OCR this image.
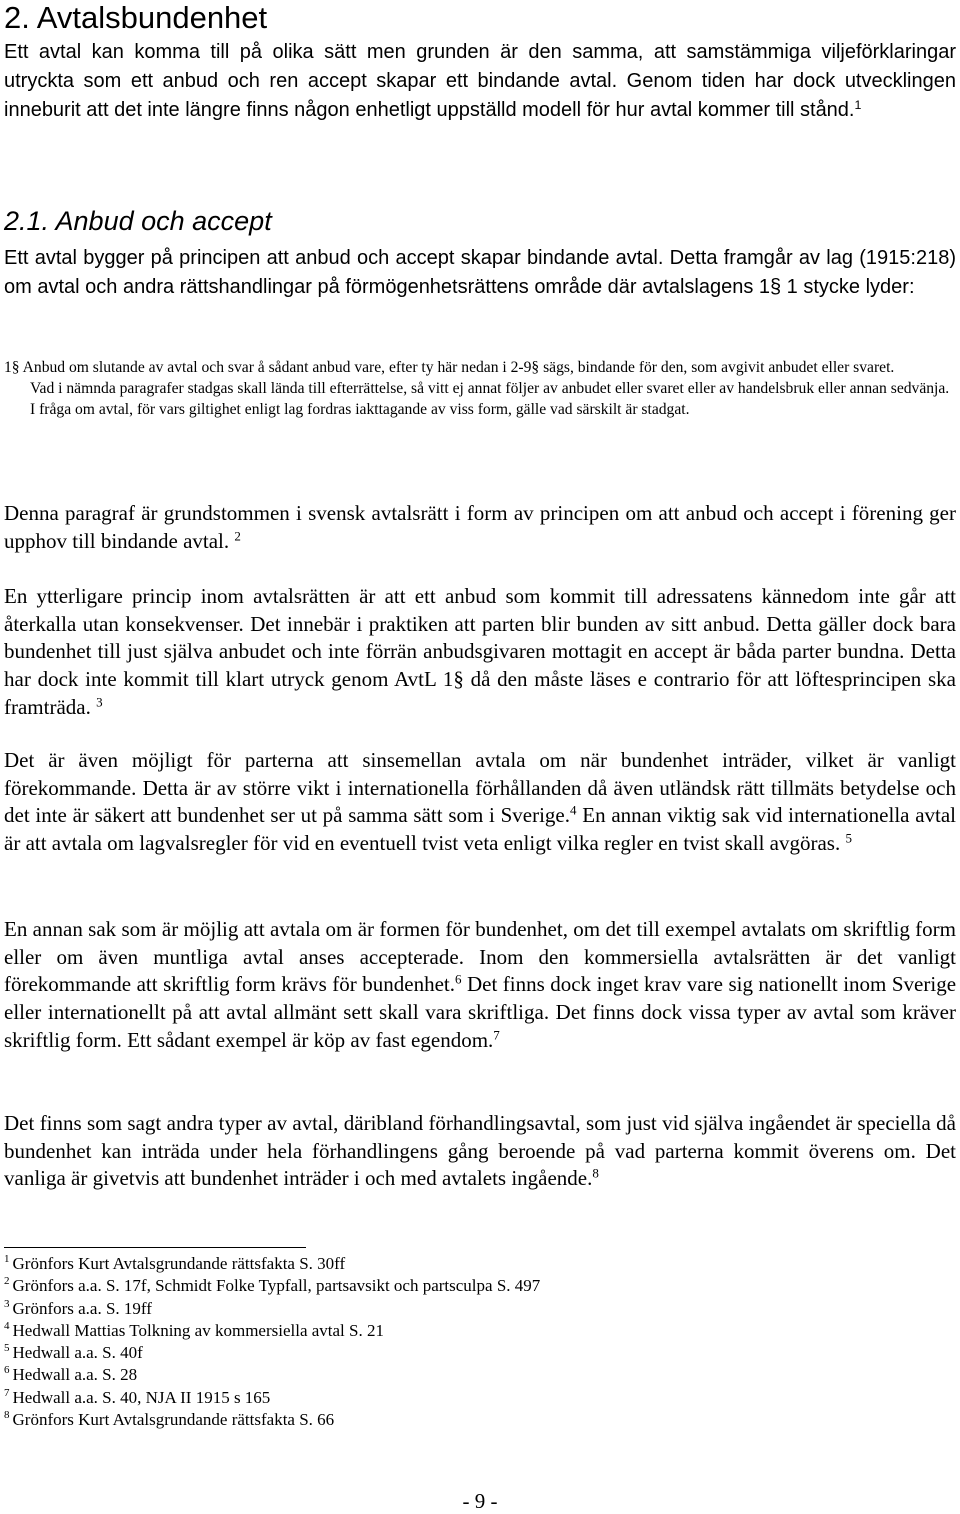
2. Avtalsbundenhet
Ett avtal kan komma till på olika sätt men grunden är den samma, att samstämmiga viljeförklaringar utryckta som ett anbud och ren accept skapar ett bindande avtal. Genom tiden har dock utvecklingen inneburit att det inte längre finns någon enhetligt uppställd modell för hur avtal kommer till stånd.$^1$
2.1. Anbud och accept
Ett avtal bygger på principen att anbud och accept skapar bindande avtal. Detta framgår av lag (1915:218) om avtal och andra rättshandlingar på förmögenhetsrättens område där avtalslagens 1§ 1 stycke lyder:
1§ Anbud om slutande av avtal och svar å sådant anbud vare, efter ty här nedan i 2-9§ sägs, bindande för den, som avgivit anbudet eller svaret.
Vad i nämnda paragrafer stadgas skall lända till efterrättelse, så vitt ej annat följer av anbudet eller svaret eller av handelsbruk eller annan sedvänja.
I fråga om avtal, för vars giltighet enligt lag fordras iakttagande av viss form, gälle vad särskilt är stadgat.
Denna paragraf är grundstommen i svensk avtalsrätt i form av principen om att anbud och accept i förening ger upphov till bindande avtal. $^2$
En ytterligare princip inom avtalsrätten är att ett anbud som kommit till adressatens kännedom inte går att återkalla utan konsekvenser. Det innebär i praktiken att parten blir bunden av sitt anbud. Detta gäller dock bara bundenhet till just själva anbudet och inte förrän anbudsgivaren mottagit en accept är båda parter bundna. Detta har dock inte kommit till klart utryck genom AvtL 1§ då den måste läses e contrario för att löftesprincipen ska framträda. $^3$
Det är även möjligt för parterna att sinsemellan avtala om när bundenhet inträder, vilket är vanligt förekommande. Detta är av större vikt i internationella förhållanden då även utländsk rätt tillmäts betydelse och det inte är säkert att bundenhet ser ut på samma sätt som i Sverige.$^4$ En annan viktig sak vid internationella avtal är att avtala om lagvalsregler för vid en eventuell tvist veta enligt vilka regler en tvist skall avgöras. $^5$
En annan sak som är möjlig att avtala om är formen för bundenhet, om det till exempel avtalats om skriftlig form eller om även muntliga avtal anses accepterade. Inom den kommersiella avtalsrätten är det vanligt förekommande att skriftlig form krävs för bundenhet.$^6$ Det finns dock inget krav vare sig nationellt inom Sverige eller internationellt på att avtal allmänt sett skall vara skriftliga. Det finns dock vissa typer av avtal som kräver skriftlig form. Ett sådant exempel är köp av fast egendom.$^7$
Det finns som sagt andra typer av avtal, däribland förhandlingsavtal, som just vid själva ingåendet är speciella då bundenhet kan inträda under hela förhandlingens gång beroende på vad parterna kommit överens om. Det vanliga är givetvis att bundenhet inträder i och med avtalets ingående.$^8$
$^1$ Grönfors Kurt Avtalsgrundande rättsfakta S. 30ff
$^2$ Grönfors a.a. S. 17f, Schmidt Folke Typfall, partsavsikt och partsculpa S. 497
$^3$ Grönfors a.a. S. 19ff
$^4$ Hedwall Mattias Tolkning av kommersiella avtal S. 21
$^5$ Hedwall a.a. S. 40f
$^6$ Hedwall a.a. S. 28
$^7$ Hedwall a.a. S. 40, NJA II 1915 s 165
$^8$ Grönfors Kurt Avtalsgrundande rättsfakta S. 66
- 9 -
